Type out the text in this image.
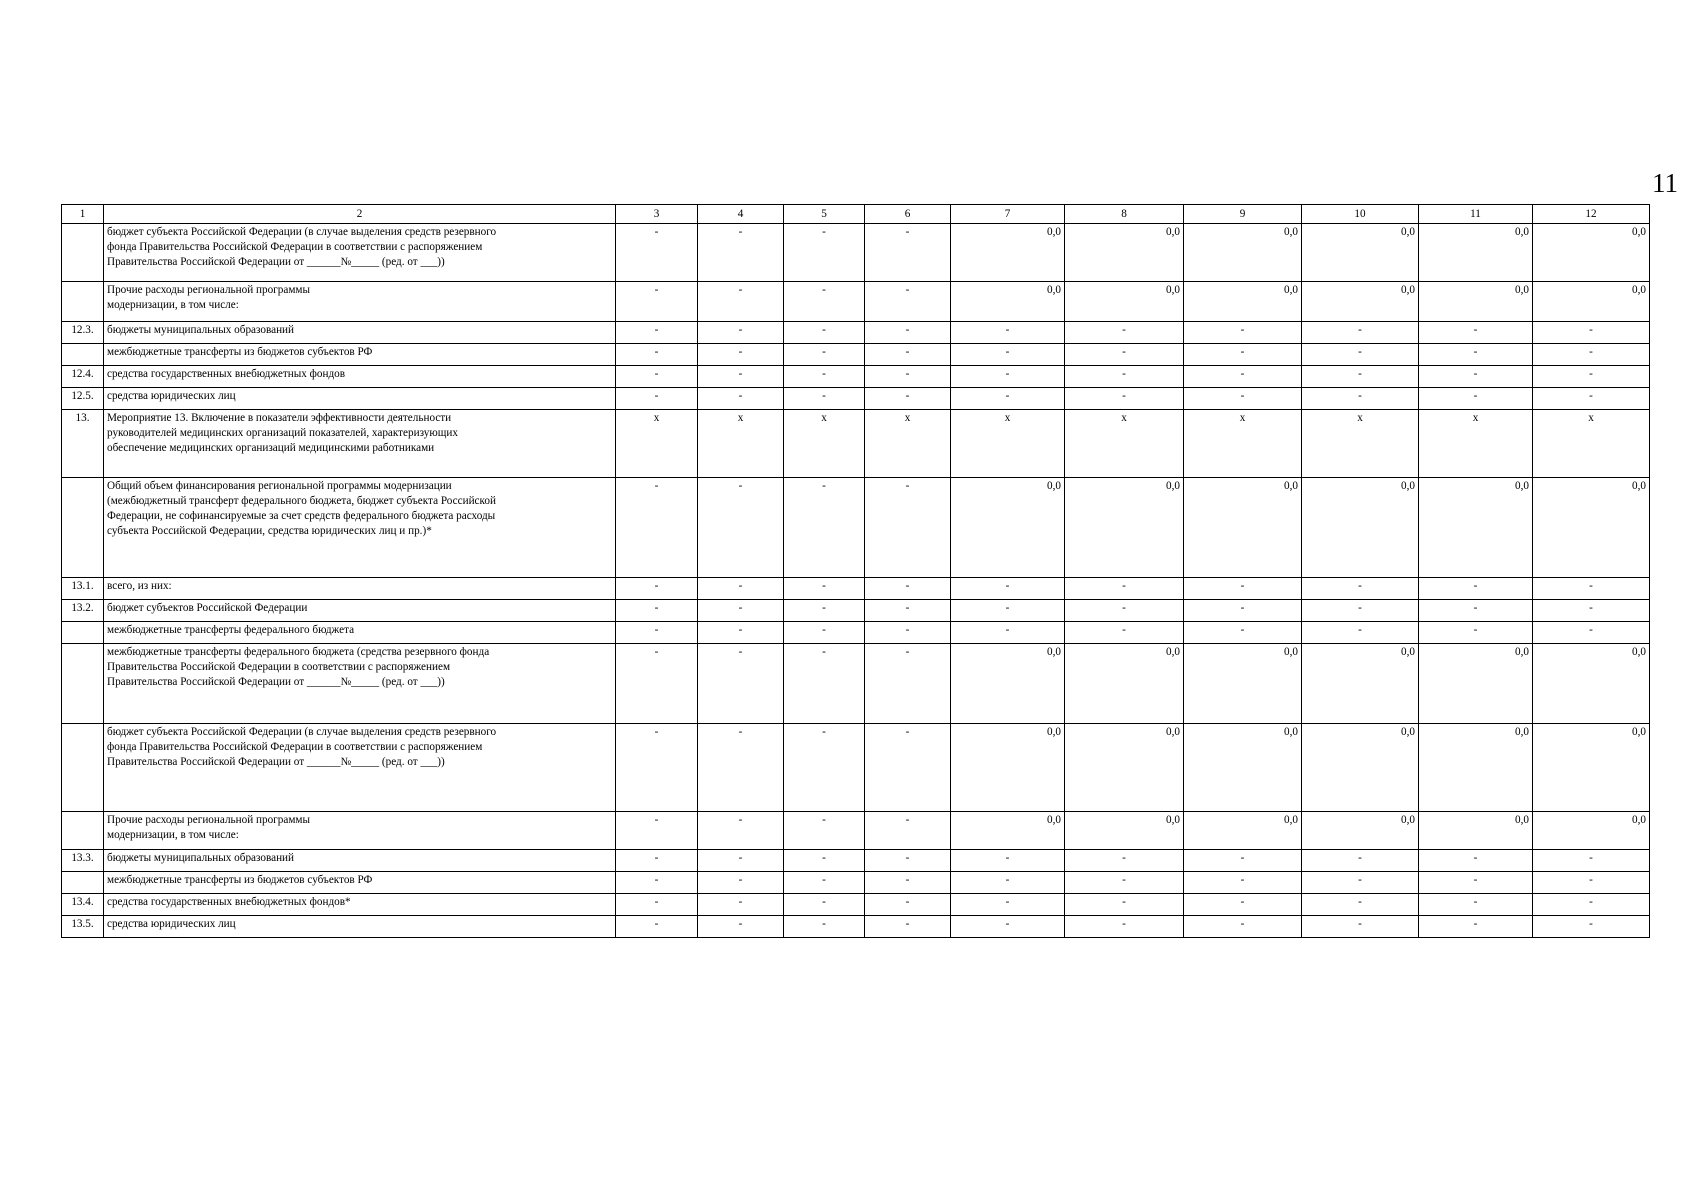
11
1	2	3	4	5	6	7	8	9	10	11	12
	бюджет субъекта Российской Федерации (в случае выделения средств резервного
фонда Правительства Российской Федерации в соответствии с распоряжением
Правительства Российской Федерации от ______№_____ (ред. от ___))	-	-	-	-	0,0	0,0	0,0	0,0	0,0	0,0
	Прочие расходы региональной программы
модернизации, в том числе:	-	-	-	-	0,0	0,0	0,0	0,0	0,0	0,0
12.3.	бюджеты муниципальных образований	-	-	-	-	-	-	-	-	-	-
	межбюджетные трансферты из бюджетов субъектов РФ	-	-	-	-	-	-	-	-	-	-
12.4.	средства государственных внебюджетных фондов	-	-	-	-	-	-	-	-	-	-
12.5.	средства юридических лиц	-	-	-	-	-	-	-	-	-	-
13.	Мероприятие 13. Включение в показатели эффективности деятельности
руководителей медицинских организаций показателей, характеризующих
обеспечение медицинских организаций медицинскими работниками	x	x	x	x	x	x	x	x	x	x
	Общий объем финансирования региональной программы модернизации
(межбюджетный трансферт федерального бюджета, бюджет субъекта Российской
Федерации, не софинансируемые за счет средств федерального бюджета расходы
субъекта Российской Федерации, средства юридических лиц и пр.)*	-	-	-	-	0,0	0,0	0,0	0,0	0,0	0,0
13.1.	всего, из них:	-	-	-	-	-	-	-	-	-	-
13.2.	бюджет субъектов Российской Федерации	-	-	-	-	-	-	-	-	-	-
	межбюджетные трансферты федерального бюджета	-	-	-	-	-	-	-	-	-	-
	межбюджетные трансферты федерального бюджета (средства резервного фонда
Правительства Российской Федерации в соответствии с распоряжением
Правительства Российской Федерации от ______№_____ (ред. от ___))	-	-	-	-	0,0	0,0	0,0	0,0	0,0	0,0
	бюджет субъекта Российской Федерации (в случае выделения средств резервного
фонда Правительства Российской Федерации в соответствии с распоряжением
Правительства Российской Федерации от ______№_____ (ред. от ___))	-	-	-	-	0,0	0,0	0,0	0,0	0,0	0,0
	Прочие расходы региональной программы
модернизации, в том числе:	-	-	-	-	0,0	0,0	0,0	0,0	0,0	0,0
13.3.	бюджеты муниципальных образований	-	-	-	-	-	-	-	-	-	-
	межбюджетные трансферты из бюджетов субъектов РФ	-	-	-	-	-	-	-	-	-	-
13.4.	средства государственных внебюджетных фондов*	-	-	-	-	-	-	-	-	-	-
13.5.	средства юридических лиц	-	-	-	-	-	-	-	-	-	-
